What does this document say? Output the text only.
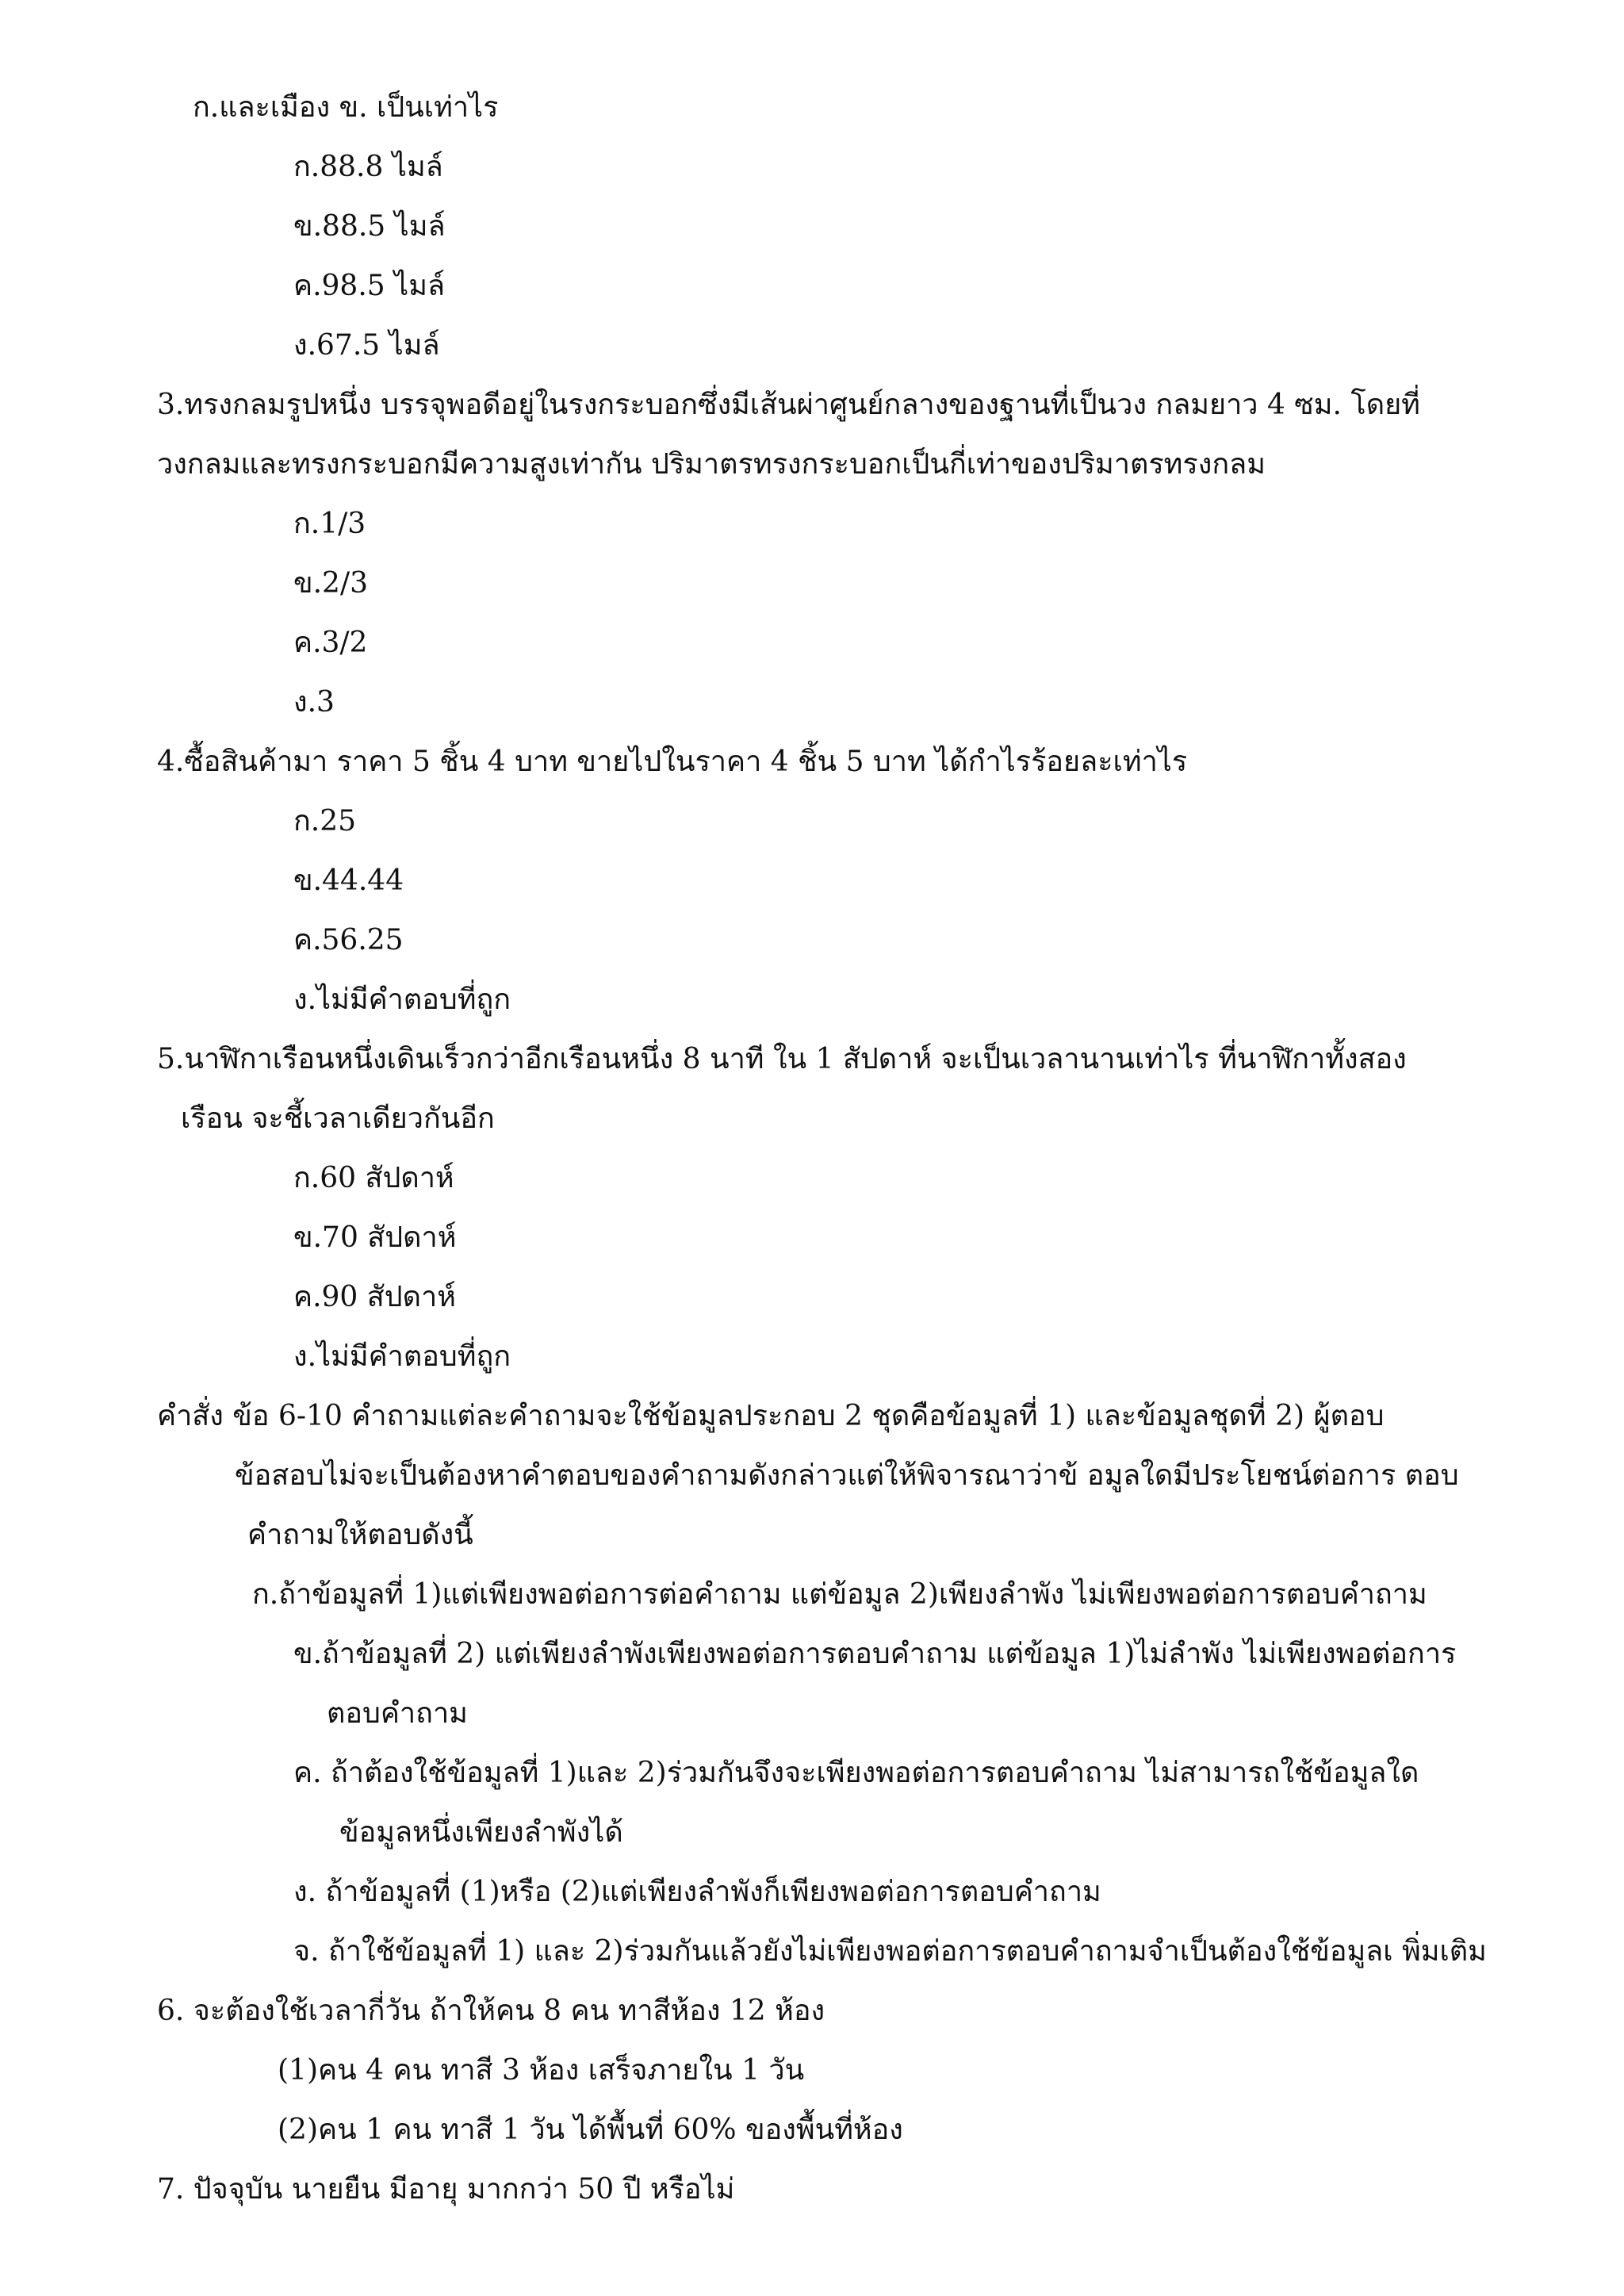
ก.และเมือง ข. เป็นเท่าไร
ก.88.8 ไมล์
ข.88.5 ไมล์
ค.98.5 ไมล์
ง.67.5 ไมล์
3.ทรงกลมรูปหนึ่ง บรรจุพอดีอยู่ในรงกระบอกซึ่งมีเส้นผ่าศูนย์กลางของฐานที่เป็นวง กลมยาว 4 ซม. โดยที่
วงกลมและทรงกระบอกมีความสูงเท่ากัน ปริมาตรทรงกระบอกเป็นกี่เท่าของปริมาตรทรงกลม
ก.1/3
ข.2/3
ค.3/2
ง.3
4.ซื้อสินค้ามา ราคา 5 ชิ้น 4 บาท ขายไปในราคา 4 ชิ้น 5 บาท ได้กำไรร้อยละเท่าไร
ก.25
ข.44.44
ค.56.25
ง.ไม่มีคำตอบที่ถูก
5.นาฬิกาเรือนหนึ่งเดินเร็วกว่าอีกเรือนหนึ่ง 8 นาที ใน 1 สัปดาห์ จะเป็นเวลานานเท่าไร ที่นาฬิกาทั้งสอง
เรือน จะชี้เวลาเดียวกันอีก
ก.60 สัปดาห์
ข.70 สัปดาห์
ค.90 สัปดาห์
ง.ไม่มีคำตอบที่ถูก
คำสั่ง ข้อ 6-10 คำถามแต่ละคำถามจะใช้ข้อมูลประกอบ 2 ชุดคือข้อมูลที่ 1) และข้อมูลชุดที่ 2) ผู้ตอบ
ข้อสอบไม่จะเป็นต้องหาคำตอบของคำถามดังกล่าวแต่ให้พิจารณาว่าข้ อมูลใดมีประโยชน์ต่อการ ตอบ
คำถามให้ตอบดังนี้
ก.ถ้าข้อมูลที่ 1)แต่เพียงพอต่อการต่อคำถาม แต่ข้อมูล 2)เพียงลำพัง ไม่เพียงพอต่อการตอบคำถาม
ข.ถ้าข้อมูลที่ 2) แต่เพียงลำพังเพียงพอต่อการตอบคำถาม แต่ข้อมูล 1)ไม่ลำพัง ไม่เพียงพอต่อการ
ตอบคำถาม
ค. ถ้าต้องใช้ข้อมูลที่ 1)และ 2)ร่วมกันจึงจะเพียงพอต่อการตอบคำถาม ไม่สามารถใช้ข้อมูลใด
ข้อมูลหนึ่งเพียงลำพังได้
ง. ถ้าข้อมูลที่ (1)หรือ (2)แต่เพียงลำพังก็เพียงพอต่อการตอบคำถาม
จ. ถ้าใช้ข้อมูลที่ 1) และ 2)ร่วมกันแล้วยังไม่เพียงพอต่อการตอบคำถามจำเป็นต้องใช้ข้อมูลเ พิ่มเติม
6. จะต้องใช้เวลากี่วัน ถ้าให้คน 8 คน ทาสีห้อง 12 ห้อง
(1)คน 4 คน ทาสี 3 ห้อง เสร็จภายใน 1 วัน
(2)คน 1 คน ทาสี 1 วัน ได้พื้นที่ 60% ของพื้นที่ห้อง
7. ปัจจุบัน นายยืน มีอายุ มากกว่า 50 ปี หรือไม่
